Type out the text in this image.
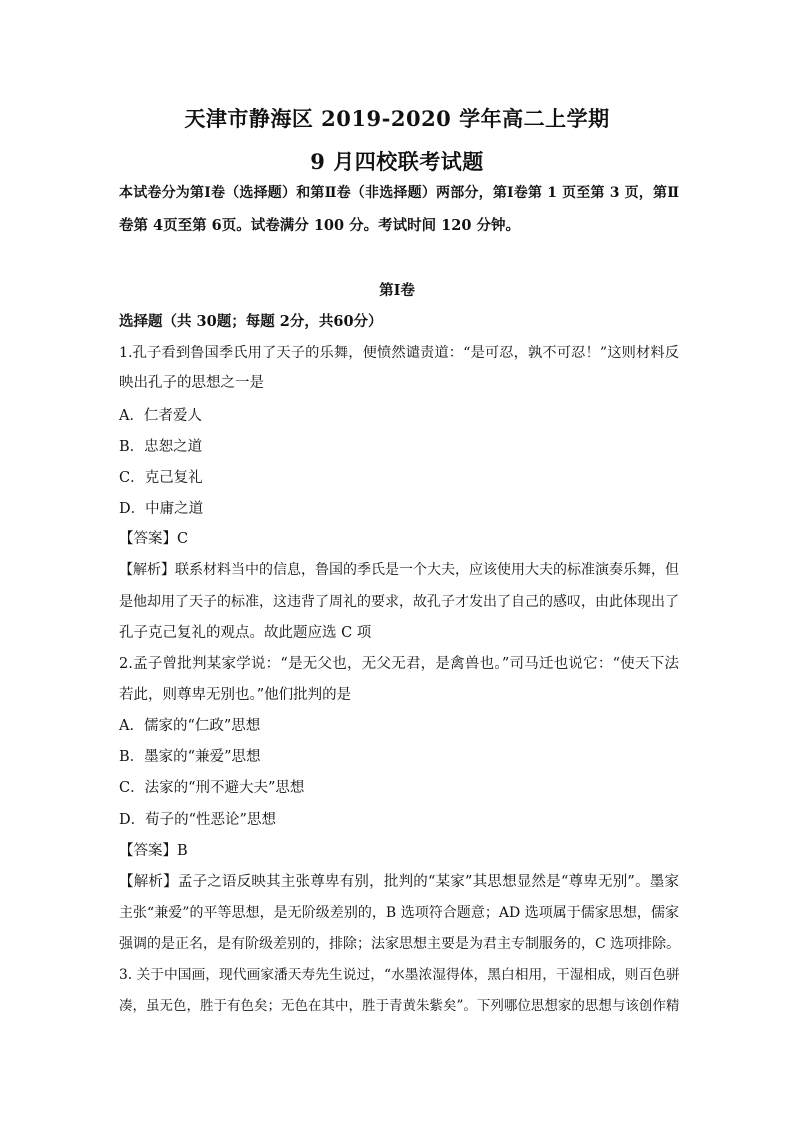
天津市静海区 2019-2020 学年高二上学期
9 月四校联考试题
本试卷分为第Ⅰ卷（选择题）和第Ⅱ卷（非选择题）两部分，第Ⅰ卷第 1 页至第 3 页，第Ⅱ
卷第 4页至第 6页。试卷满分 100 分。考试时间 120 分钟。
第Ⅰ卷
选择题（共 30题；每题 2分，共60分）
1.孔子看到鲁国季氏用了天子的乐舞，便愤然谴责道：“是可忍，孰不可忍！”这则材料反
映出孔子的思想之一是
A．仁者爱人
B．忠恕之道
C．克己复礼
D．中庸之道
【答案】C
【解析】联系材料当中的信息，鲁国的季氏是一个大夫，应该使用大夫的标准演奏乐舞，但
是他却用了天子的标准，这违背了周礼的要求，故孔子才发出了自己的感叹，由此体现出了
孔子克己复礼的观点。故此题应选 C 项
2.孟子曾批判某家学说：“是无父也，无父无君，是禽兽也。”司马迁也说它：“使天下法
若此，则尊卑无别也。”他们批判的是
A．儒家的“仁政”思想
B．墨家的“兼爱”思想
C．法家的“刑不避大夫”思想
D．荀子的“性恶论”思想
【答案】B
【解析】孟子之语反映其主张尊卑有别，批判的“某家”其思想显然是“尊卑无别”。墨家
主张“兼爱”的平等思想，是无阶级差别的，B 选项符合题意；AD 选项属于儒家思想，儒家
强调的是正名，是有阶级差别的，排除；法家思想主要是为君主专制服务的，C 选项排除。
3. 关于中国画，现代画家潘天寿先生说过，“水墨浓湿得体，黑白相用，干湿相成，则百色骈
凑，虽无色，胜于有色矣；无色在其中，胜于青黄朱紫矣”。下列哪位思想家的思想与该创作精
